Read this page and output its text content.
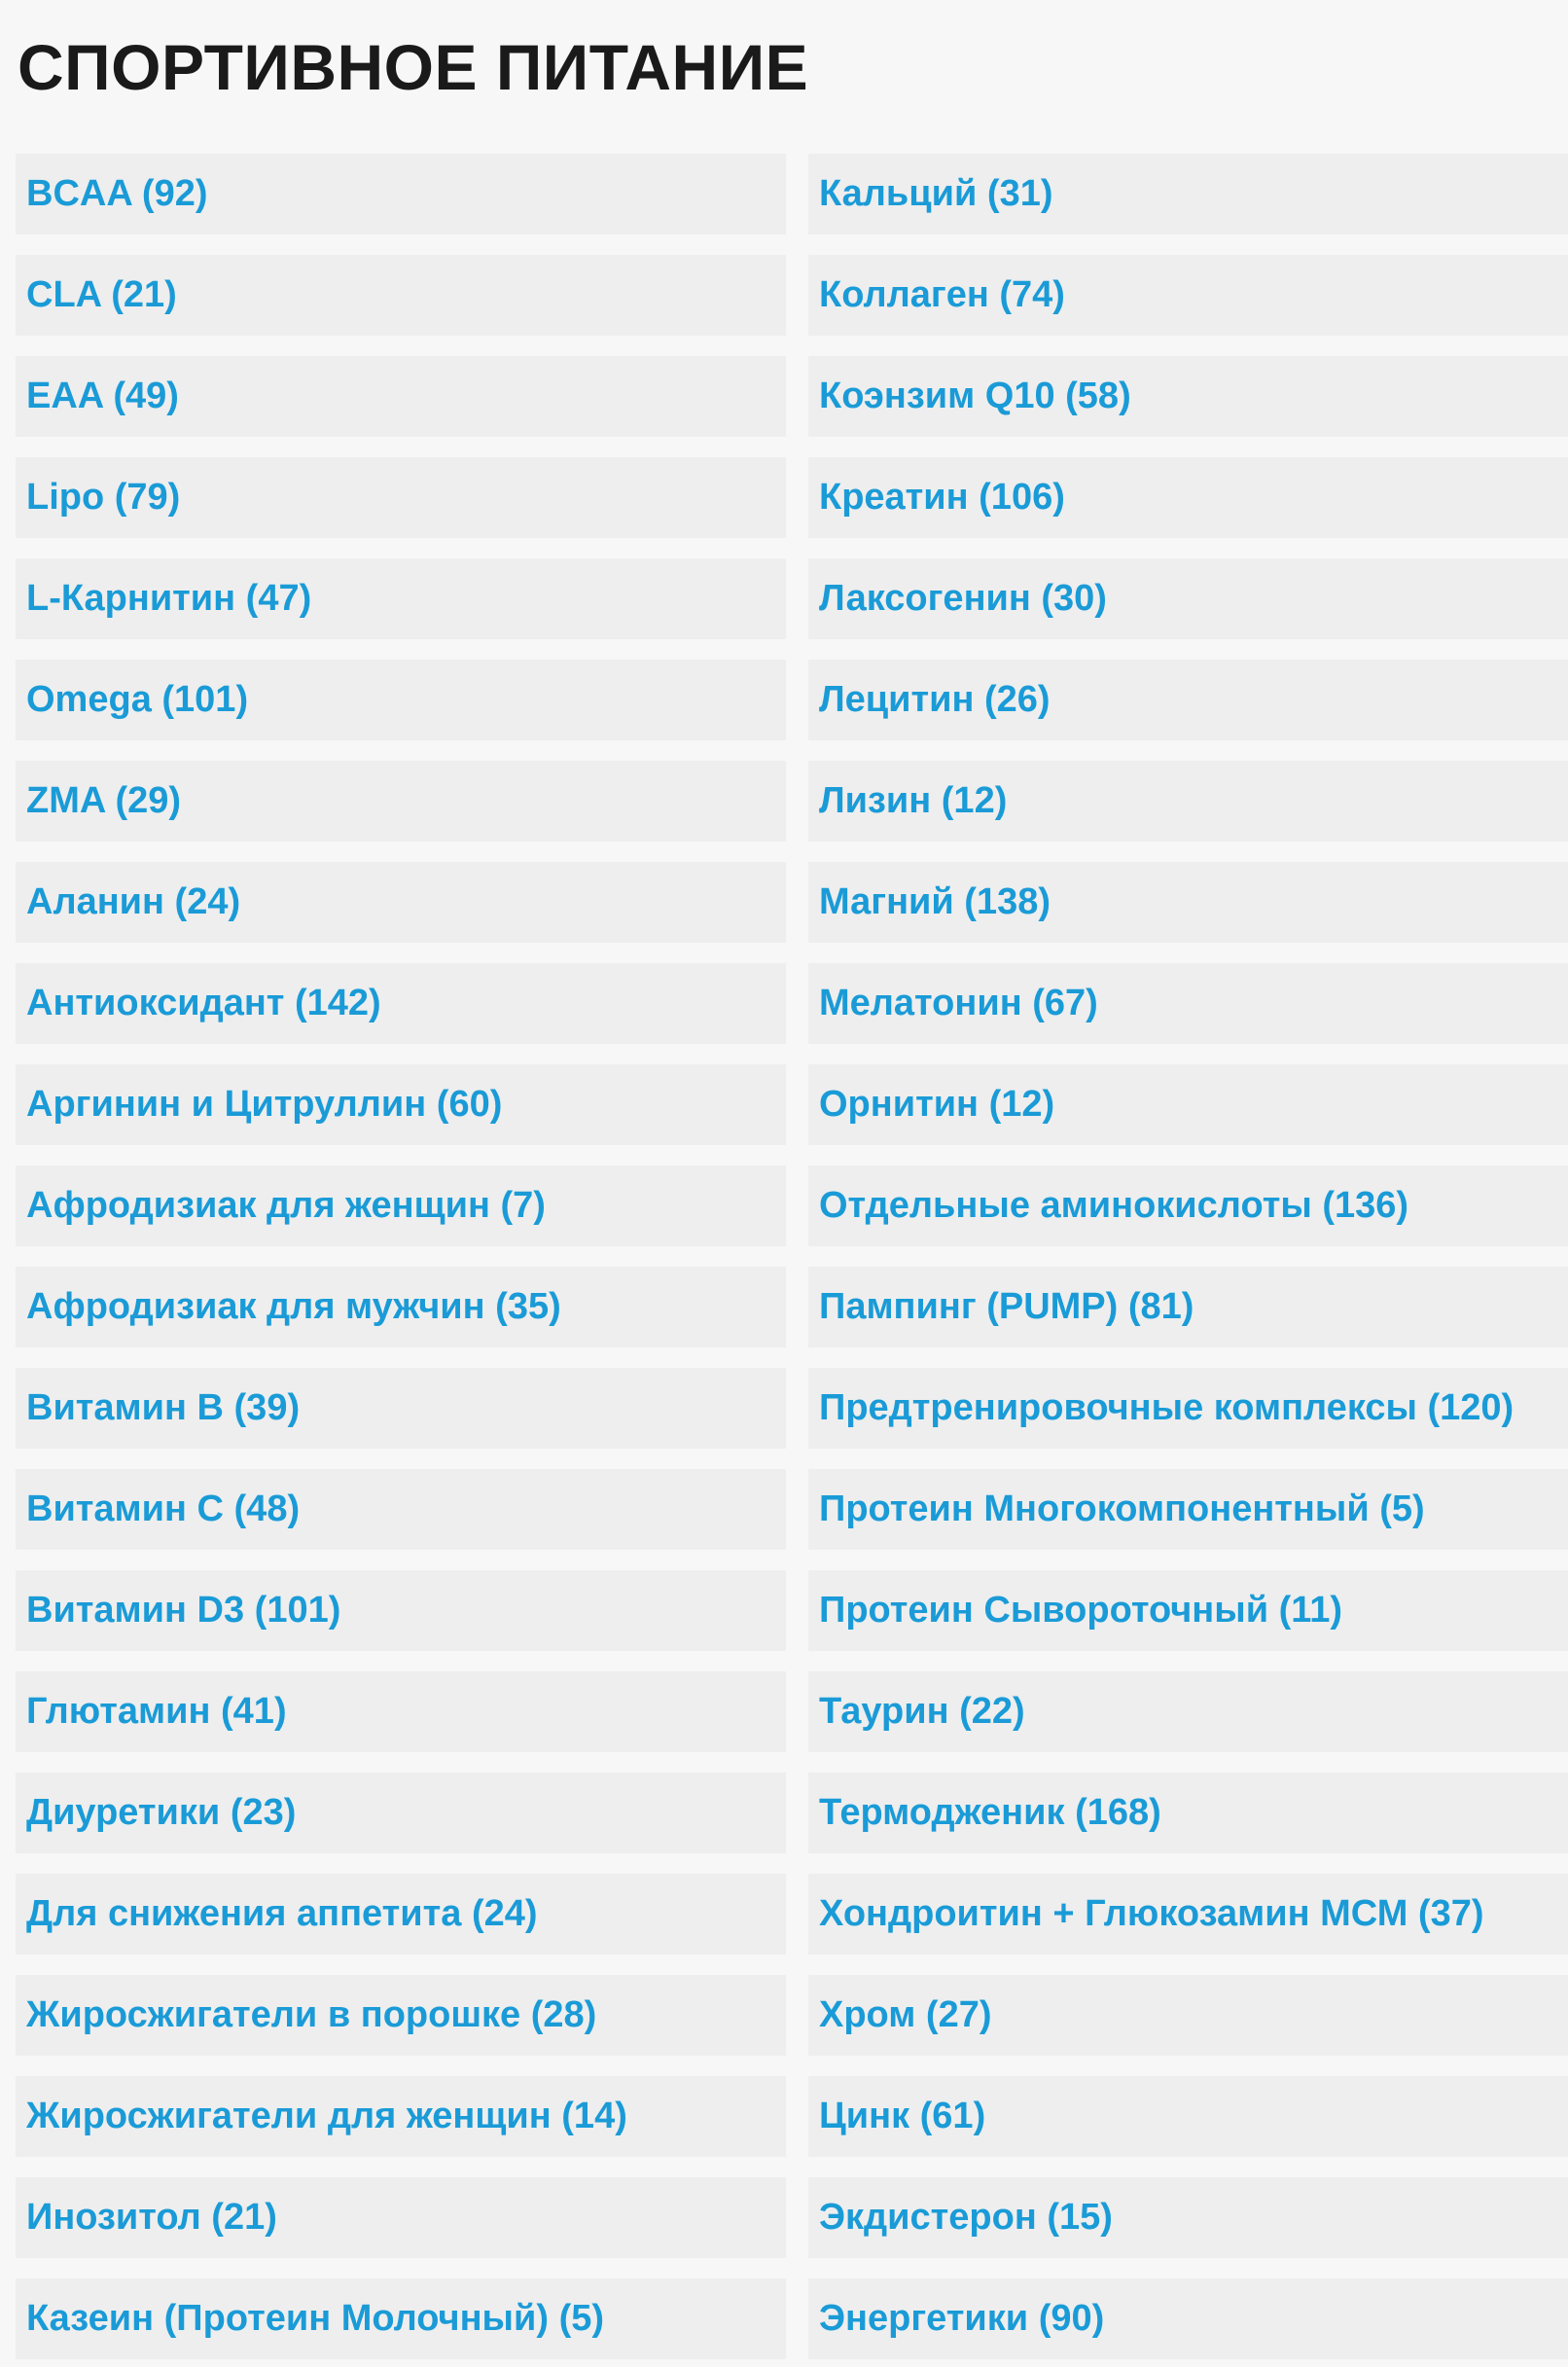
СПОРТИВНОЕ ПИТАНИЕ
BCAA (92)
CLA (21)
EAA (49)
Lipo (79)
L-Карнитин (47)
Omega (101)
ZMA (29)
Аланин (24)
Антиоксидант (142)
Аргинин и Цитруллин (60)
Афродизиак для женщин (7)
Афродизиак для мужчин (35)
Витамин B (39)
Витамин C (48)
Витамин D3 (101)
Глютамин (41)
Диуретики (23)
Для снижения аппетита (24)
Жиросжигатели в порошке (28)
Жиросжигатели для женщин (14)
Инозитол (21)
Казеин (Протеин Молочный) (5)
Кальций (31)
Коллаген (74)
Коэнзим Q10 (58)
Креатин (106)
Лаксогенин (30)
Лецитин (26)
Лизин (12)
Магний (138)
Мелатонин (67)
Орнитин (12)
Отдельные аминокислоты (136)
Пампинг (PUMP) (81)
Предтренировочные комплексы (120)
Протеин Многокомпонентный (5)
Протеин Сывороточный (11)
Таурин (22)
Термодженик (168)
Хондроитин + Глюкозамин МСМ (37)
Хром (27)
Цинк (61)
Экдистерон (15)
Энергетики (90)
